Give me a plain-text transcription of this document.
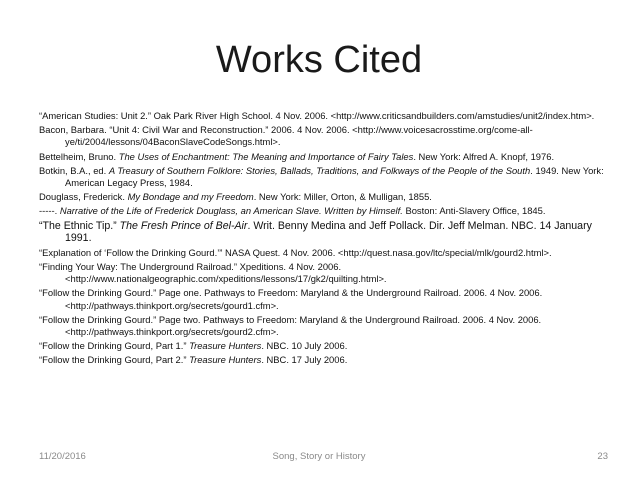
Works Cited

“American Studies: Unit 2.” Oak Park River High School. 4 Nov. 2006. <http://www.criticsandbuilders.com/amstudies/unit2/index.htm>.

Bacon, Barbara. “Unit 4: Civil War and Reconstruction.” 2006. 4 Nov. 2006. <http://www.voicesacrosstime.org/come-all-ye/ti/2004/lessons/04BaconSlaveCodeSongs.html>.

Bettelheim, Bruno. The Uses of Enchantment: The Meaning and Importance of Fairy Tales. New York: Alfred A. Knopf, 1976.

Botkin, B.A., ed. A Treasury of Southern Folklore: Stories, Ballads, Traditions, and Folkways of the People of the South. 1949. New York: American Legacy Press, 1984.

Douglass, Frederick. My Bondage and my Freedom. New York: Miller, Orton, & Mulligan, 1855.

-----. Narrative of the Life of Frederick Douglass, an American Slave. Written by Himself. Boston: Anti-Slavery Office, 1845.

“The Ethnic Tip.” The Fresh Prince of Bel-Air. Writ. Benny Medina and Jeff Pollack. Dir. Jeff Melman. NBC. 14 January 1991.

“Explanation of ‘Follow the Drinking Gourd.’” NASA Quest. 4 Nov. 2006. <http://quest.nasa.gov/ltc/special/mlk/gourd2.html>.

“Finding Your Way: The Underground Railroad.” Xpeditions. 4 Nov. 2006. <http://www.nationalgeographic.com/xpeditions/lessons/17/gk2/quilting.html>.

“Follow the Drinking Gourd.” Page one. Pathways to Freedom: Maryland & the Underground Railroad. 2006. 4 Nov. 2006. <http://pathways.thinkport.org/secrets/gourd1.cfm>.

“Follow the Drinking Gourd.” Page two. Pathways to Freedom: Maryland & the Underground Railroad. 2006. 4 Nov. 2006. <http://pathways.thinkport.org/secrets/gourd2.cfm>.

“Follow the Drinking Gourd, Part 1.” Treasure Hunters. NBC. 10 July 2006.

“Follow the Drinking Gourd, Part 2.” Treasure Hunters. NBC. 17 July 2006.

11/20/2016	Song, Story or History	23
